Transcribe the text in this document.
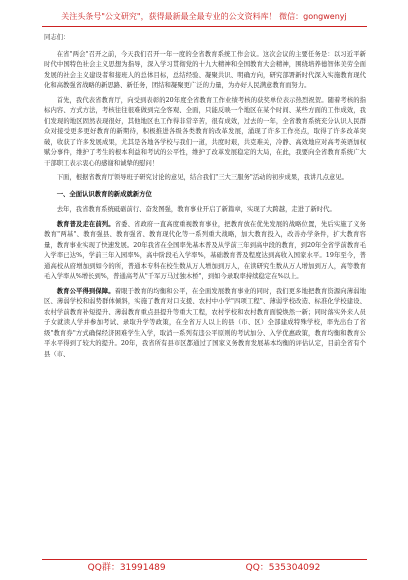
关注头条号"公文研究"，获得最新最全最专业的公文资料库！ 微信：gongwenyj

同志们：

在省"两会"召开之前，今天我们召开一年一度的全省教育系统工作会议。这次会议的主要任务是：以习近平新时代中国特色社会主义思想为指导，深入学习贯彻党的十九大精神和全国教育大会精神，围绕培养德智体美劳全面发展的社会主义建设者和接班人的总体目标，总结经验、凝聚共识、明确方向，研究部署新时代深入实施教育现代化和高教强省战略的新思路、新任务，团结和凝聚更广泛的力量，为办好人民满意教育而努力。

首先，我代表省教育厅，向受到表彰的20年度全省教育工作业绩考核的获奖单位表示热烈祝贺。随着考核的指标内容、方式方法，考核往往很难做到完全客观、全面，只能反映一个地区在某个时间、某些方面的工作成效，我们发现的地区固然表现很好，其他地区也工作得非常辛苦，很有成效，过去的一年，全省教育系统充分认识人民群众对接受更多更好教育的新期待，积极推进各级各类教育的改革发展，涌现了许多工作亮点，取得了许多改革突破，收获了许多发展成果，尤其是各地各学校与我们一道，共度时艰，共克难关，冷静、高效地应对高考英语加权赋分事件，维护了考生的根本利益和考试的公平性，维护了改革发展稳定的大局，在此，我要向全省教育系统广大干部职工表示衷心的感谢和诚挚的慰问！

下面，根据省教育厅领导班子研究讨论的意见，结合我们"三大三服务"活动的初步成果，我讲几点意见。

一、全面认识教育的新成就新方位

去年，我省教育系统砥砺前行、奋发图强，教育事业开启了新篇章，实现了大跨越，走进了新时代。

教育普及走在前列。省委、省政府一直高度重视教育事业，把教育放在优先发展的战略位置，先后实施了义务教育"两基"、教育强县、教育强省、教育现代化等一系列重大战略，加大教育投入，改善办学条件，扩大教育容量，教育事业实现了快速发展。20年我省在全国率先基本普及从学前三年到高中段的教育，到20年全省学前教育毛入学率已达%，学前三年入园率%，高中阶段毛入学率%，基础教育普及程度达到高收入国家水平。19年至今，普通高校从府增加到如今的所，普通本专科在校生数从万人增加到万人，在读研究生数从万人增加到万人，高等教育毛入学率从%增长到%，普通高考从"千军万马过独木桥"，到如今录取率持续稳定在%以上。

教育公平得到保障。着眼于教育的均衡和公平，在全面发展教育事业的同时，我们更多地把教育资源向薄弱地区、薄弱学校和弱势群体倾斜，实施了教育对口支援、农村中小学"四项工程"、薄弱学校改造、标准化学校建设、农村学前教育补短提升、薄弱教育重点县提升等重大工程，农村学校和农村教育面貌焕然一新；同时落实外来人员子女就读人学并参加考试、录取升学等政策，在全省万人以上的县（市、区）全部建成特殊学校，率先出台了省级"教育券"方式确保经济困难学生入学，取消一系列有违公平原则的考试加分、入学优惠政策，教育均衡和教育公平水平得到了较大的提升。20年，我省所有县市区都通过了国家义务教育发展基本均衡的评估认定，目前全省有个县（市、

QQ群：31991489	QQ：535304092
